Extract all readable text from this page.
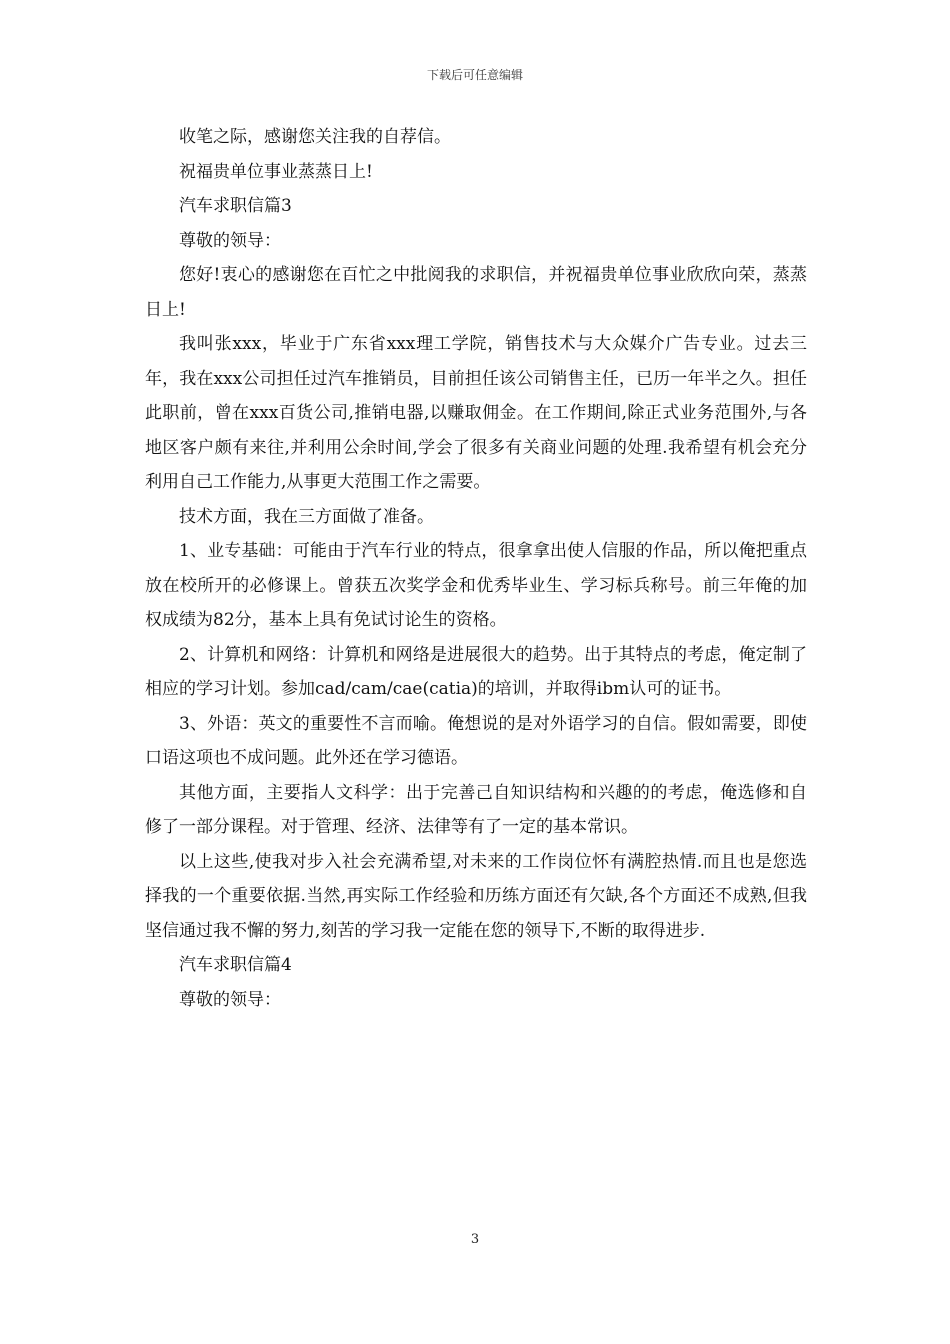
下载后可任意编辑

收笔之际，感谢您关注我的自荐信。

祝福贵单位事业蒸蒸日上!

汽车求职信篇3

尊敬的领导：

您好!衷心的感谢您在百忙之中批阅我的求职信，并祝福贵单位事业欣欣向荣，蒸蒸日上!

我叫张xxx，毕业于广东省xxx理工学院，销售技术与大众媒介广告专业。过去三年，我在xxx公司担任过汽车推销员，目前担任该公司销售主任，已历一年半之久。担任此职前，曾在xxx百货公司,推销电器,以赚取佣金。在工作期间,除正式业务范围外,与各地区客户颇有来往,并利用公余时间,学会了很多有关商业问题的处理.我希望有机会充分利用自己工作能力,从事更大范围工作之需要。

技术方面，我在三方面做了准备。

1、业专基础：可能由于汽车行业的特点，很拿拿出使人信服的作品，所以俺把重点放在校所开的必修课上。曾获五次奖学金和优秀毕业生、学习标兵称号。前三年俺的加权成绩为82分，基本上具有免试讨论生的资格。

2、计算机和网络：计算机和网络是进展很大的趋势。出于其特点的考虑，俺定制了相应的学习计划。参加cad/cam/cae(catia)的培训，并取得ibm认可的证书。

3、外语：英文的重要性不言而喻。俺想说的是对外语学习的自信。假如需要，即使口语这项也不成问题。此外还在学习德语。

其他方面，主要指人文科学：出于完善己自知识结构和兴趣的的考虑，俺选修和自修了一部分课程。对于管理、经济、法律等有了一定的基本常识。

以上这些,使我对步入社会充满希望,对未来的工作岗位怀有满腔热情.而且也是您选择我的一个重要依据.当然,再实际工作经验和历练方面还有欠缺,各个方面还不成熟,但我坚信通过我不懈的努力,刻苦的学习我一定能在您的领导下,不断的取得进步.

汽车求职信篇4

尊敬的领导：

3
